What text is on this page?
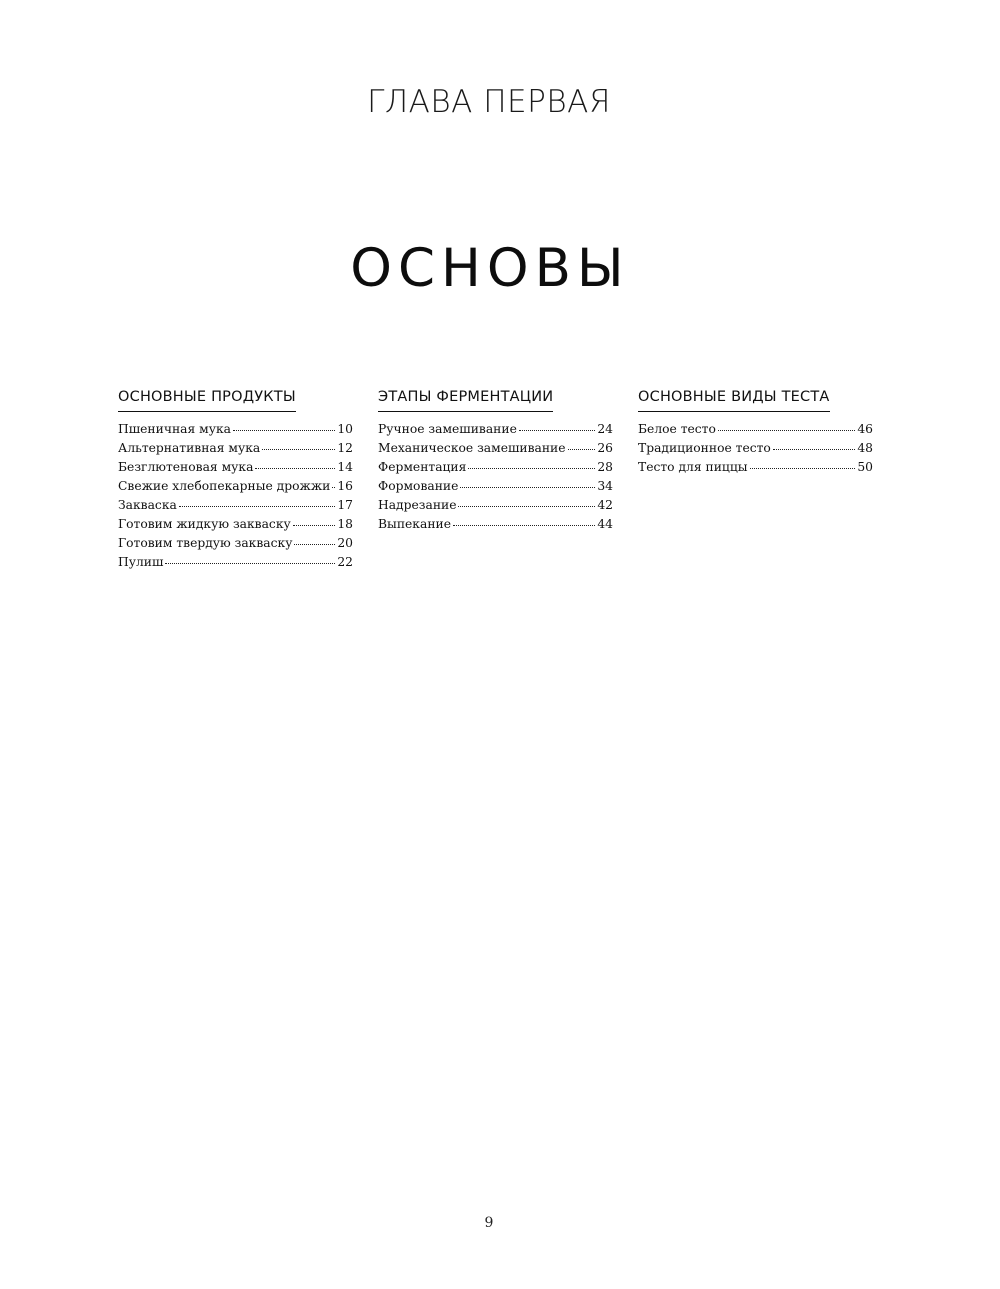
ГЛАВА ПЕРВАЯ
ОСНОВЫ
ОСНОВНЫЕ ПРОДУКТЫ
Пшеничная мука	10
Альтернативная мука	12
Безглютеновая мука	14
Свежие хлебопекарные дрожжи 16
Закваска	17
Готовим жидкую закваску	18
Готовим твердую закваску	20
Пулиш	22
ЭТАПЫ ФЕРМЕНТАЦИИ
Ручное замешивание	24
Механическое замешивание	26
Ферментация	28
Формование	34
Надрезание	42
Выпекание	44
ОСНОВНЫЕ ВИДЫ ТЕСТА
Белое тесто	46
Традиционное тесто	48
Тесто для пиццы	50
9
